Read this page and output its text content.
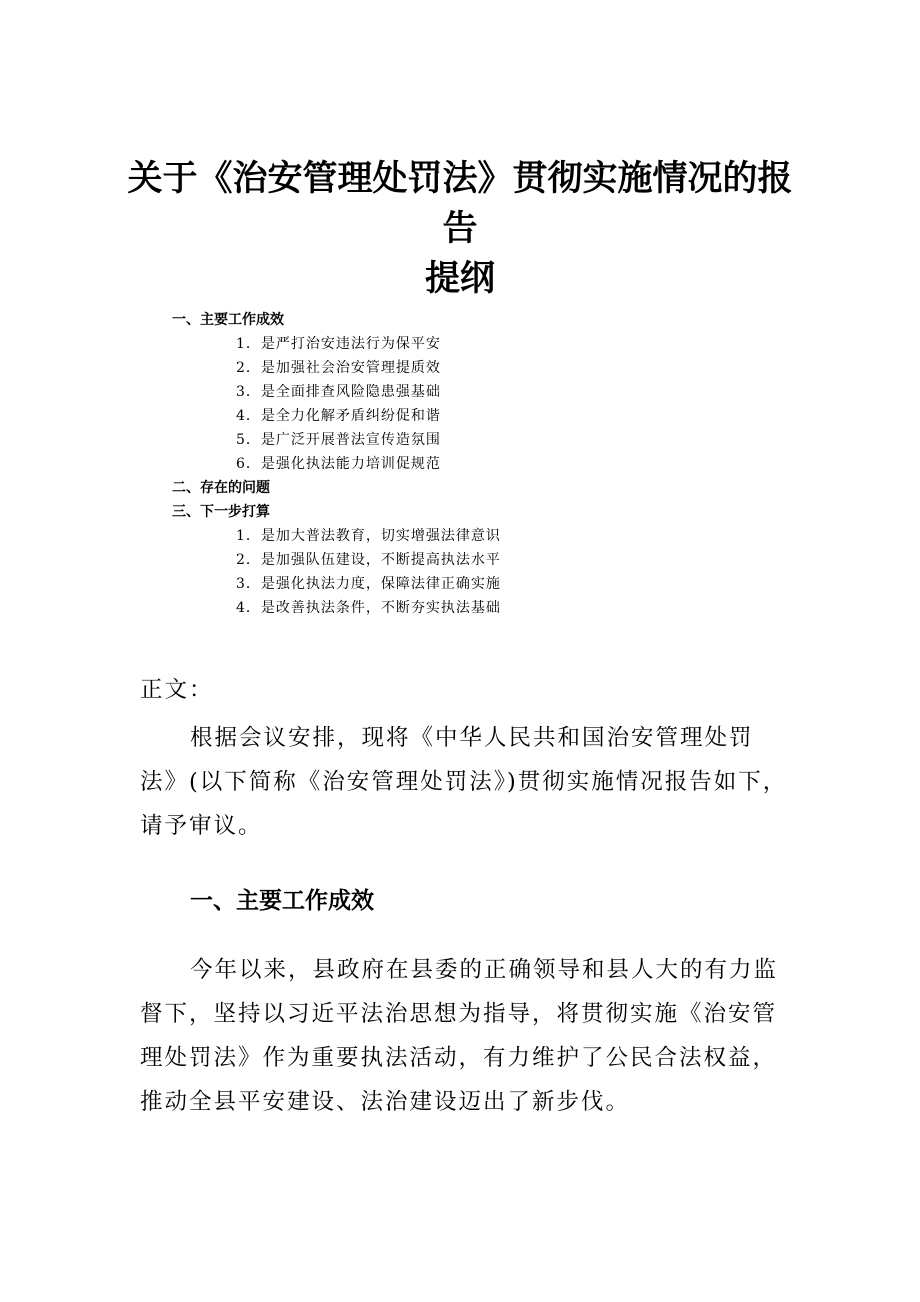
关于《治安管理处罚法》贯彻实施情况的报
告
提纲

一、主要工作成效

1．是严打治安违法行为保平安

2．是加强社会治安管理提质效

3．是全面排查风险隐患强基础

4．是全力化解矛盾纠纷促和谐

5．是广泛开展普法宣传造氛围

6．是强化执法能力培训促规范

二、存在的问题

三、下一步打算

1．是加大普法教育，切实增强法律意识

2．是加强队伍建设，不断提高执法水平

3．是强化执法力度，保障法律正确实施

4．是改善执法条件，不断夯实执法基础

正文：

根据会议安排，现将《中华人民共和国治安管理处罚法》(以下简称《治安管理处罚法》)贯彻实施情况报告如下，请予审议。

一、主要工作成效

今年以来，县政府在县委的正确领导和县人大的有力监督下，坚持以习近平法治思想为指导，将贯彻实施《治安管理处罚法》作为重要执法活动，有力维护了公民合法权益，推动全县平安建设、法治建设迈出了新步伐。
